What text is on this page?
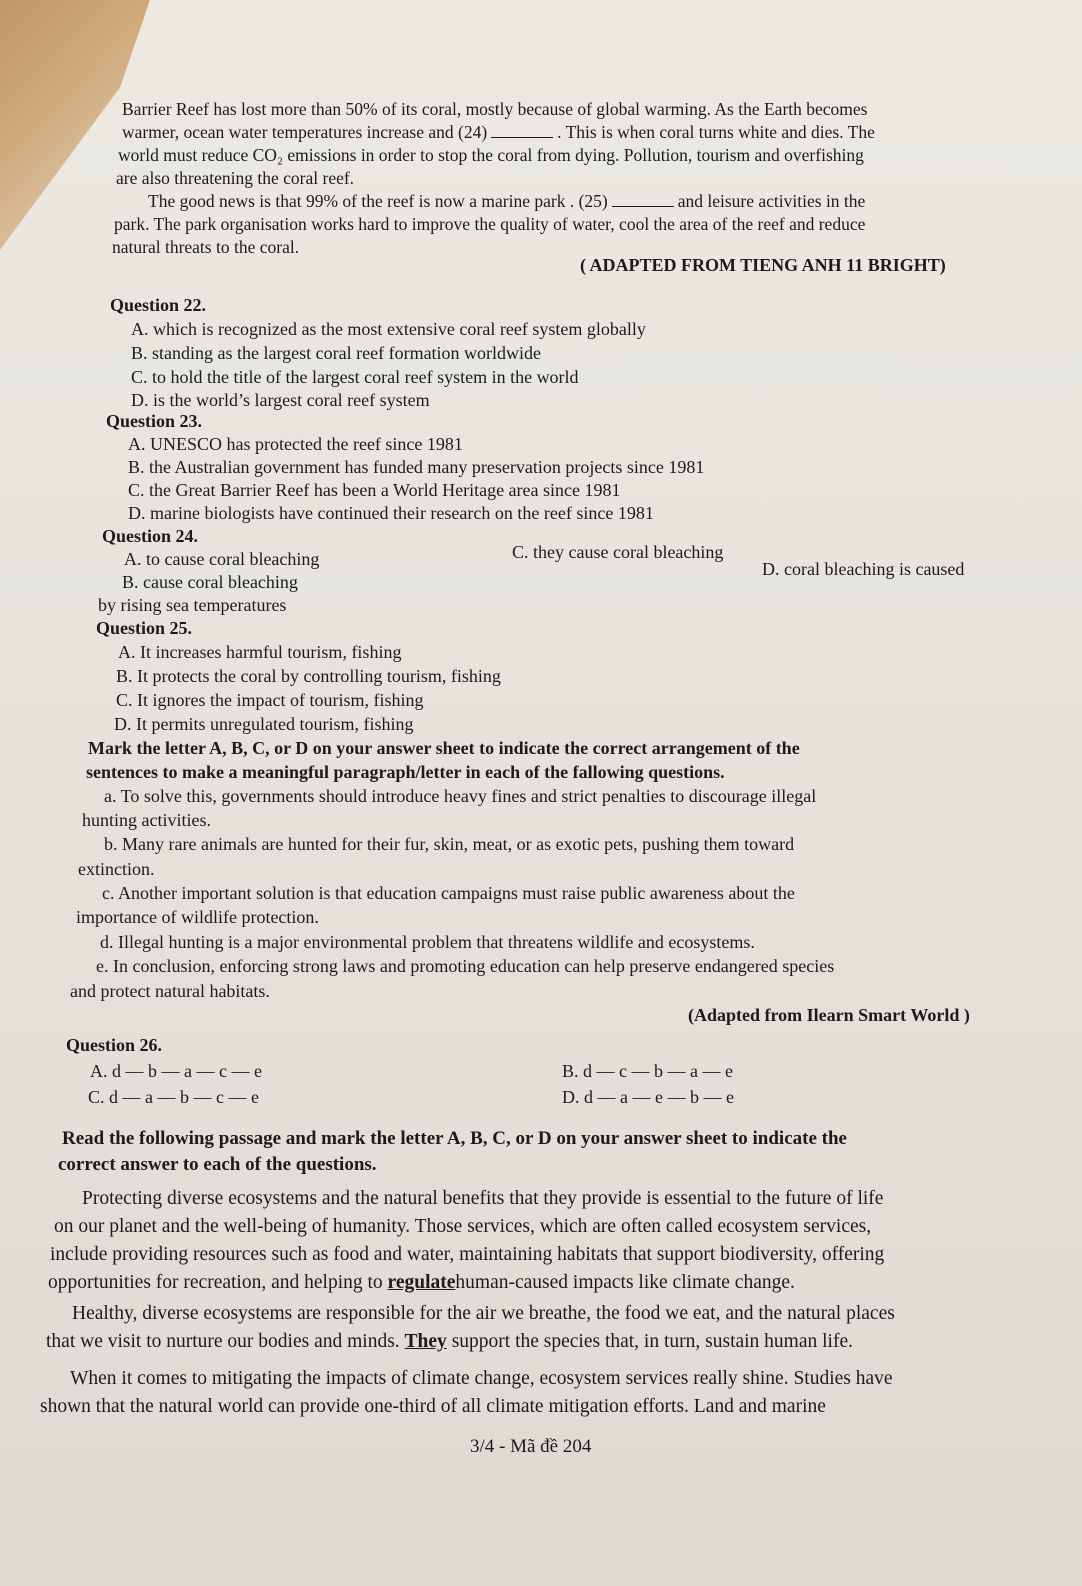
Barrier Reef has lost more than 50% of its coral, mostly because of global warming. As the Earth becomes
warmer, ocean water temperatures increase and (24)	. This is when coral turns white and dies. The
world must reduce CO₂ emissions in order to stop the coral from dying. Pollution, tourism and overfishing
are also threatening the coral reef.
The good news is that 99% of the reef is now a marine park . (25)	and leisure activities in the
park. The park organisation works hard to improve the quality of water, cool the area of the reef and reduce
natural threats to the coral.
( ADAPTED FROM TIENG ANH 11 BRIGHT)
Question 22.
A. which is recognized as the most extensive coral reef system globally
B. standing as the largest coral reef formation worldwide
C. to hold the title of the largest coral reef system in the world
D. is the world’s largest coral reef system
Question 23.
A. UNESCO has protected the reef since 1981
B. the Australian government has funded many preservation projects since 1981
C. the Great Barrier Reef has been a World Heritage area since 1981
D. marine biologists have continued their research on the reef since 1981
Question 24.
A. to cause coral bleaching	C. they cause coral bleaching
B. cause coral bleaching
D. coral bleaching is caused
by rising sea temperatures
Question 25.
A. It increases harmful tourism, fishing
B. It protects the coral by controlling tourism, fishing
C. It ignores the impact of tourism, fishing
D. It permits unregulated tourism, fishing
Mark the letter A, B, C, or D on your answer sheet to indicate the correct arrangement of the
sentences to make a meaningful paragraph/letter in each of the fallowing questions.
a. To solve this, governments should introduce heavy fines and strict penalties to discourage illegal
hunting activities.
b. Many rare animals are hunted for their fur, skin, meat, or as exotic pets, pushing them toward
extinction.
c. Another important solution is that education campaigns must raise public awareness about the
importance of wildlife protection.
d. Illegal hunting is a major environmental problem that threatens wildlife and ecosystems.
e. In conclusion, enforcing strong laws and promoting education can help preserve endangered species
and protect natural habitats.
(Adapted from Ilearn Smart World )
Question 26.
A. d — b — a — c — e	B. d — c — b — a — e
C. d — a — b — c — e	D. d — a — e — b — e
Read the following passage and mark the letter A, B, C, or D on your answer sheet to indicate the
correct answer to each of the questions.
Protecting diverse ecosystems and the natural benefits that they provide is essential to the future of life
on our planet and the well-being of humanity. Those services, which are often called ecosystem services,
include providing resources such as food and water, maintaining habitats that support biodiversity, offering
opportunities for recreation, and helping to regulatehuman-caused impacts like climate change.
Healthy, diverse ecosystems are responsible for the air we breathe, the food we eat, and the natural places
that we visit to nurture our bodies and minds. They support the species that, in turn, sustain human life.
When it comes to mitigating the impacts of climate change, ecosystem services really shine. Studies have
shown that the natural world can provide one-third of all climate mitigation efforts. Land and marine
3/4 - Mã đề 204
